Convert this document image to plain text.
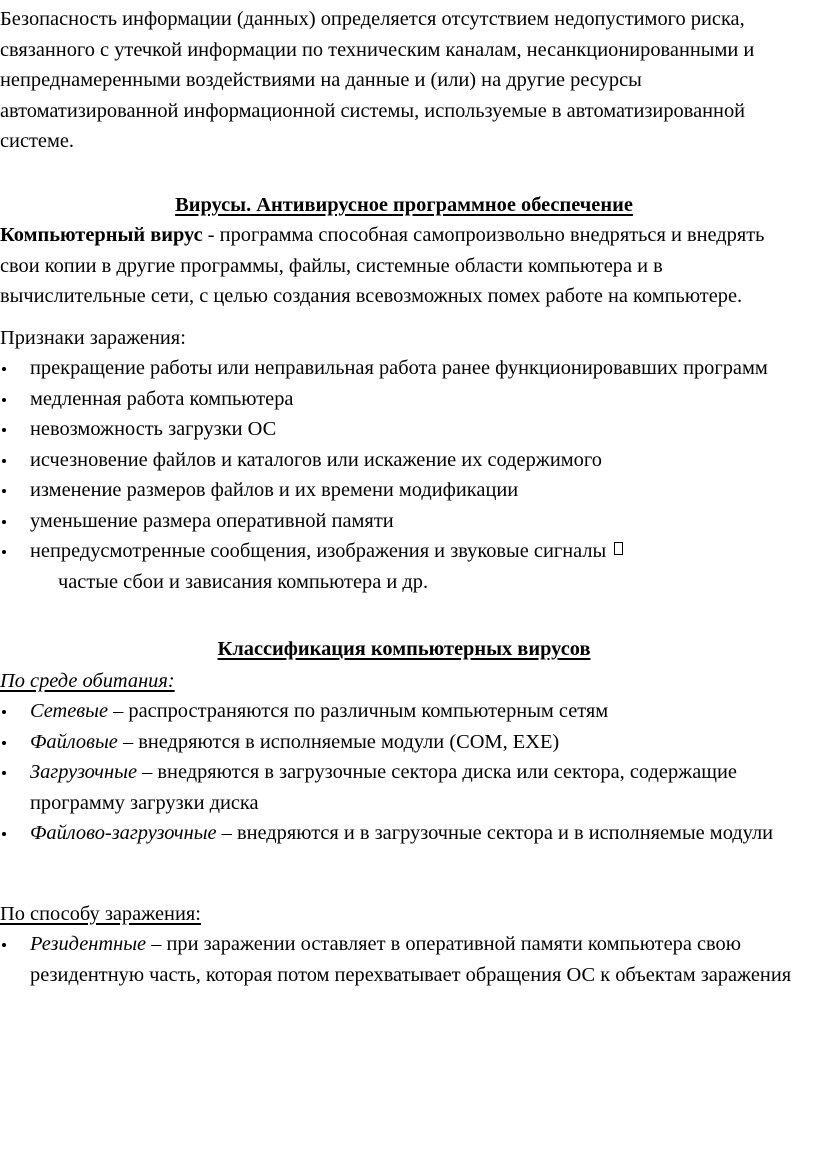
Безопасность информации (данных) определяется отсутствием недопустимого риска, связанного с утечкой информации по техническим каналам, несанкционированными и непреднамеренными воздействиями на данные и (или) на другие ресурсы автоматизированной информационной системы, используемые в автоматизированной системе.

Вирусы. Антивирусное программное обеспечение

Компьютерный вирус - программа способная самопроизвольно внедряться и внедрять свои копии в другие программы, файлы, системные области компьютера и в вычислительные сети, с целью создания всевозможных помех работе на компьютере.

Признаки заражения:

прекращение работы или неправильная работа ранее функционировавших программ
медленная работа компьютера
невозможность загрузки ОС
исчезновение файлов и каталогов или искажение их содержимого
изменение размеров файлов и их времени модификации
уменьшение размера оперативной памяти
непредусмотренные сообщения, изображения и звуковые сигналы

частые сбои и зависания компьютера и др.

Классификация компьютерных вирусов

По среде обитания:

Сетевые – распространяются по различным компьютерным сетям
Файловые – внедряются в исполняемые модули (COM, EXE)
Загрузочные – внедряются в загрузочные сектора диска или сектора, содержащие программу загрузки диска
Файлово-загрузочные – внедряются и в загрузочные сектора и в исполняемые модули

По способу заражения:

Резидентные – при заражении оставляет в оперативной памяти компьютера свою резидентную часть, которая потом перехватывает обращения ОС к объектам заражения
